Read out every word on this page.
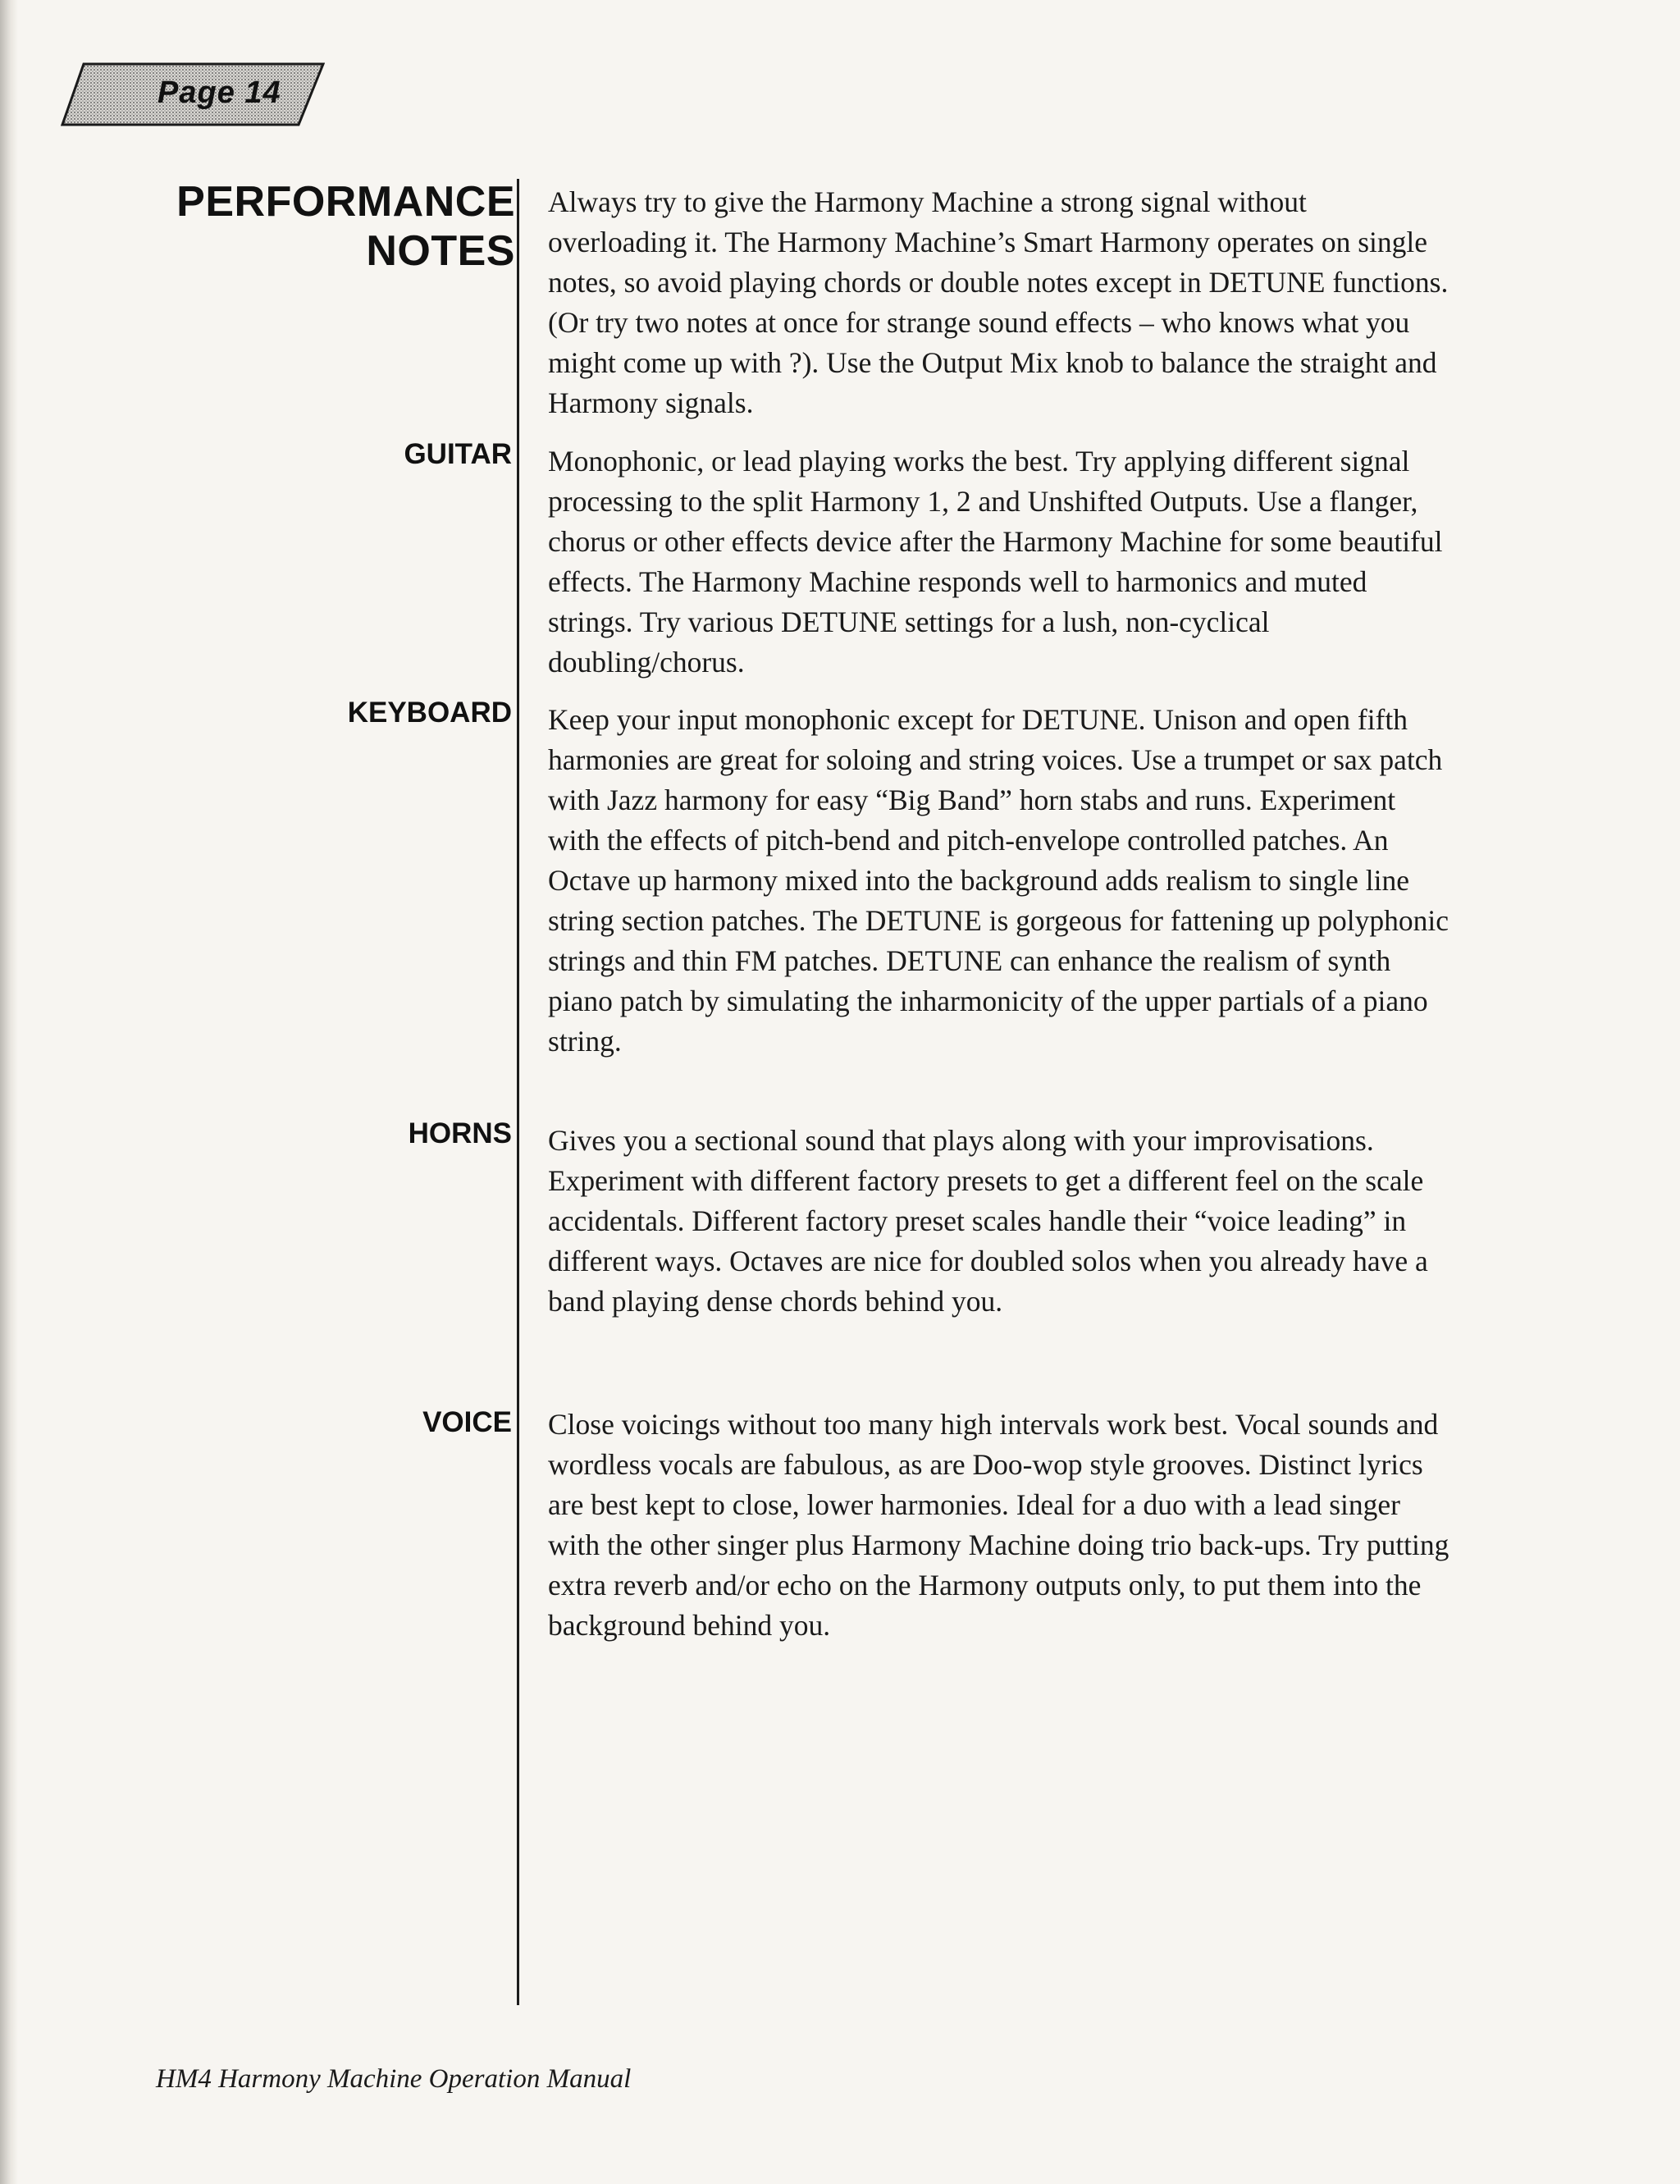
Page 14
PERFORMANCE
NOTES

Always try to give the Harmony Machine a strong signal without overloading it. The Harmony Machine’s Smart Harmony operates on single notes, so avoid playing chords or double notes except in DETUNE functions. (Or try two notes at once for strange sound effects – who knows what you might come up with ?). Use the Output Mix knob to balance the straight and Harmony signals.

GUITAR Monophonic, or lead playing works the best. Try applying different signal processing to the split Harmony 1, 2 and Unshifted Outputs. Use a flanger, chorus or other effects device after the Harmony Machine for some beautiful effects. The Harmony Machine responds well to harmonics and muted strings. Try various DETUNE settings for a lush, non-cyclical doubling/chorus.

KEYBOARD Keep your input monophonic except for DETUNE. Unison and open fifth harmonies are great for soloing and string voices. Use a trumpet or sax patch with Jazz harmony for easy “Big Band” horn stabs and runs. Experiment with the effects of pitch-bend and pitch-envelope controlled patches. An Octave up harmony mixed into the background adds realism to single line string section patches. The DETUNE is gorgeous for fattening up polyphonic strings and thin FM patches. DETUNE can enhance the realism of synth piano patch by simulating the inharmonicity of the upper partials of a piano string.

HORNS Gives you a sectional sound that plays along with your improvisations. Experiment with different factory presets to get a different feel on the scale accidentals. Different factory preset scales handle their “voice leading” in different ways. Octaves are nice for doubled solos when you already have a band playing dense chords behind you.

VOICE Close voicings without too many high intervals work best. Vocal sounds and wordless vocals are fabulous, as are Doo-wop style grooves. Distinct lyrics are best kept to close, lower harmonies. Ideal for a duo with a lead singer with the other singer plus Harmony Machine doing trio back-ups. Try putting extra reverb and/or echo on the Harmony outputs only, to put them into the background behind you.

HM4 Harmony Machine Operation Manual
